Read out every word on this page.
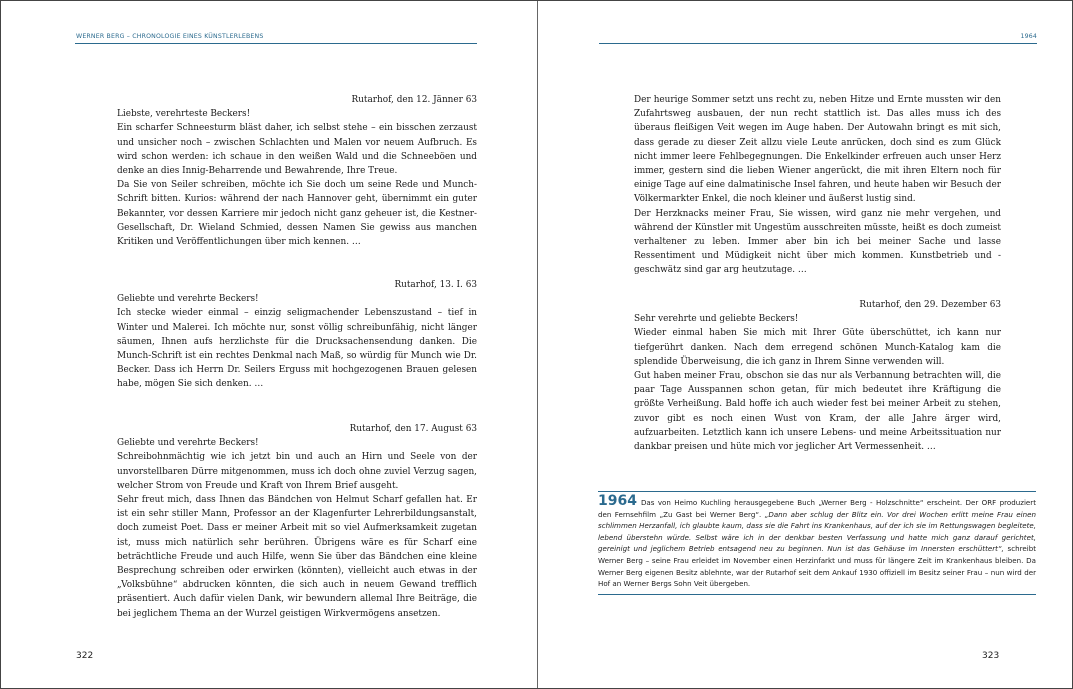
WERNER BERG – CHRONOLOGIE EINES KÜNSTLERLEBENS
Rutarhof, den 12. Jänner 63
Liebste, verehrteste Beckers!

Ein scharfer Schneesturm bläst daher, ich selbst stehe – ein bisschen zerzaust und unsicher noch – zwischen Schlachten und Malen vor neuem Aufbruch. Es wird schon werden: ich schaue in den weißen Wald und die Schneeböen und denke an dies Innig-Beharrende und Bewahrende, Ihre Treue.

Da Sie von Seiler schreiben, möchte ich Sie doch um seine Rede und Munch-Schrift bitten. Kurios: während der nach Hannover geht, übernimmt ein guter Bekannter, vor dessen Karriere mir jedoch nicht ganz geheuer ist, die Kestner-Gesellschaft, Dr. Wieland Schmied, dessen Namen Sie gewiss aus manchen Kritiken und Veröffentlichungen über mich kennen. …

Rutarhof, 13. I. 63
Geliebte und verehrte Beckers!

Ich stecke wieder einmal – einzig seligmachender Lebenszustand – tief in Winter und Malerei. Ich möchte nur, sonst völlig schreibunfähig, nicht länger säumen, Ihnen aufs herzlichste für die Drucksachensendung danken. Die Munch-Schrift ist ein rechtes Denkmal nach Maß, so würdig für Munch wie Dr. Becker. Dass ich Herrn Dr. Seilers Erguss mit hochgezogenen Brauen gelesen habe, mögen Sie sich denken. …

Rutarhof, den 17. August 63
Geliebte und verehrte Beckers!

Schreibohnmächtig wie ich jetzt bin und auch an Hirn und Seele von der unvorstellbaren Dürre mitgenommen, muss ich doch ohne zuviel Verzug sagen, welcher Strom von Freude und Kraft von Ihrem Brief ausgeht.

Sehr freut mich, dass Ihnen das Bändchen von Helmut Scharf gefallen hat. Er ist ein sehr stiller Mann, Professor an der Klagenfurter Lehrerbildungsanstalt, doch zumeist Poet. Dass er meiner Arbeit mit so viel Aufmerksamkeit zugetan ist, muss mich natürlich sehr berühren. Übrigens wäre es für Scharf eine beträchtliche Freude und auch Hilfe, wenn Sie über das Bändchen eine kleine Besprechung schreiben oder erwirken (könnten), vielleicht auch etwas in der „Volksbühne“ abdrucken könnten, die sich auch in neuem Gewand trefflich präsentiert. Auch dafür vielen Dank, wir bewundern allemal Ihre Beiträge, die bei jeglichem Thema an der Wurzel geistigen Wirkvermögens ansetzen.

322
1964

Der heurige Sommer setzt uns recht zu, neben Hitze und Ernte mussten wir den Zufahrtsweg ausbauen, der nun recht stattlich ist. Das alles muss ich des überaus fleißigen Veit wegen im Auge haben. Der Autowahn bringt es mit sich, dass gerade zu dieser Zeit allzu viele Leute anrücken, doch sind es zum Glück nicht immer leere Fehlbegegnungen. Die Enkelkinder erfreuen auch unser Herz immer, gestern sind die lieben Wiener angerückt, die mit ihren Eltern noch für einige Tage auf eine dalmatinische Insel fahren, und heute haben wir Besuch der Völkermarkter Enkel, die noch kleiner und äußerst lustig sind.

Der Herzknacks meiner Frau, Sie wissen, wird ganz nie mehr vergehen, und während der Künstler mit Ungestüm ausschreiten müsste, heißt es doch zumeist verhaltener zu leben. Immer aber bin ich bei meiner Sache und lasse Ressentiment und Müdigkeit nicht über mich kommen. Kunstbetrieb und -geschwätz sind gar arg heutzutage. …

Rutarhof, den 29. Dezember 63
Sehr verehrte und geliebte Beckers!

Wieder einmal haben Sie mich mit Ihrer Güte überschüttet, ich kann nur tiefgerührt danken. Nach dem erregend schönen Munch-Katalog kam die splendide Überweisung, die ich ganz in Ihrem Sinne verwenden will.

Gut haben meiner Frau, obschon sie das nur als Verbannung betrachten will, die paar Tage Ausspannen schon getan, für mich bedeutet ihre Kräftigung die größte Verheißung. Bald hoffe ich auch wieder fest bei meiner Arbeit zu stehen, zuvor gibt es noch einen Wust von Kram, der alle Jahre ärger wird, aufzuarbeiten. Letztlich kann ich unsere Lebens- und meine Arbeitssituation nur dankbar preisen und hüte mich vor jeglicher Art Vermessenheit. …

1964 Das von Heimo Kuchling herausgegebene Buch „Werner Berg - Holzschnitte“ erscheint. Der ORF produziert den Fernsehfilm „Zu Gast bei Werner Berg“. „Dann aber schlug der Blitz ein. Vor drei Wochen erlitt meine Frau einen schlimmen Herzanfall, ich glaubte kaum, dass sie die Fahrt ins Krankenhaus, auf der ich sie im Rettungswagen begleitete, lebend überstehn würde. Selbst wäre ich in der denkbar besten Verfassung und hatte mich ganz darauf gerichtet, gereinigt und jeglichem Betrieb entsagend neu zu beginnen. Nun ist das Gehäuse im Innersten erschüttert“, schreibt Werner Berg – seine Frau erleidet im November einen Herzinfarkt und muss für längere Zeit im Krankenhaus bleiben. Da Werner Berg eigenen Besitz ablehnte, war der Rutarhof seit dem Ankauf 1930 offiziell im Besitz seiner Frau – nun wird der Hof an Werner Bergs Sohn Veit übergeben.
323
